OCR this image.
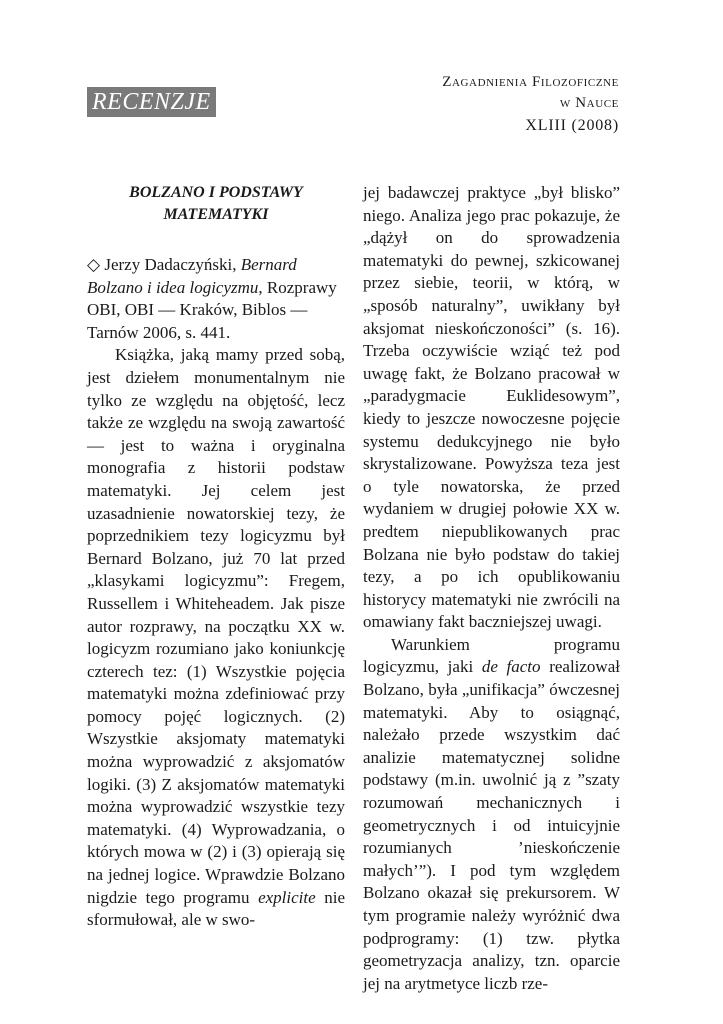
RECENZJE
Zagadnienia Filozoficzne
w Nauce
XLIII (2008)
BOLZANO I PODSTAWY
MATEMATYKI

◇ Jerzy Dadaczyński, Bernard Bolzano i idea logicyzmu, Rozprawy OBI, OBI — Kraków, Biblos — Tarnów 2006, s. 441.

Książka, jaką mamy przed sobą, jest dziełem monumentalnym nie tylko ze względu na objętość, lecz także ze względu na swoją zawartość — jest to ważna i oryginalna monografia z historii podstaw matematyki. Jej celem jest uzasadnienie nowatorskiej tezy, że poprzednikiem tezy logicyzmu był Bernard Bolzano, już 70 lat przed „klasykami logicyzmu”: Fregem, Russellem i Whiteheadem. Jak pisze autor rozprawy, na początku XX w. logicyzm rozumiano jako koniunkcję czterech tez: (1) Wszystkie pojęcia matematyki można zdefiniować przy pomocy pojęć logicznych. (2) Wszystkie aksjomaty matematyki można wyprowadzić z aksjomatów logiki. (3) Z aksjomatów matematyki można wyprowadzić wszystkie tezy matematyki. (4) Wyprowadzania, o których mowa w (2) i (3) opierają się na jednej logice. Wprawdzie Bolzano nigdzie tego programu explicite nie sformułował, ale w swo-

jej badawczej praktyce „był blisko” niego. Analiza jego prac pokazuje, że „dążył on do sprowadzenia matematyki do pewnej, szkicowanej przez siebie, teorii, w którą, w „sposób naturalny”, uwikłany był aksjomat nieskończoności” (s. 16). Trzeba oczywiście wziąć też pod uwagę fakt, że Bolzano pracował w „paradygmacie Euklidesowym”, kiedy to jeszcze nowoczesne pojęcie systemu dedukcyjnego nie było skrystalizowane. Powyższa teza jest o tyle nowatorska, że przed wydaniem w drugiej połowie XX w. predtem niepublikowanych prac Bolzana nie było podstaw do takiej tezy, a po ich opublikowaniu historycy matematyki nie zwrócili na omawiany fakt baczniejszej uwagi.

Warunkiem programu logicyzmu, jaki de facto realizował Bolzano, była „unifikacja” ówczesnej matematyki. Aby to osiągnąć, należało przede wszystkim dać analizie matematycznej solidne podstawy (m.in. uwolnić ją z ”szaty rozumowań mechanicznych i geometrycznych i od intuicyjnie rozumianych ’nieskończenie małych’”). I pod tym względem Bolzano okazał się prekursorem. W tym programie należy wyróżnić dwa podprogramy: (1) tzw. płytka geometryzacja analizy, tzn. oparcie jej na arytmetyce liczb rze-
